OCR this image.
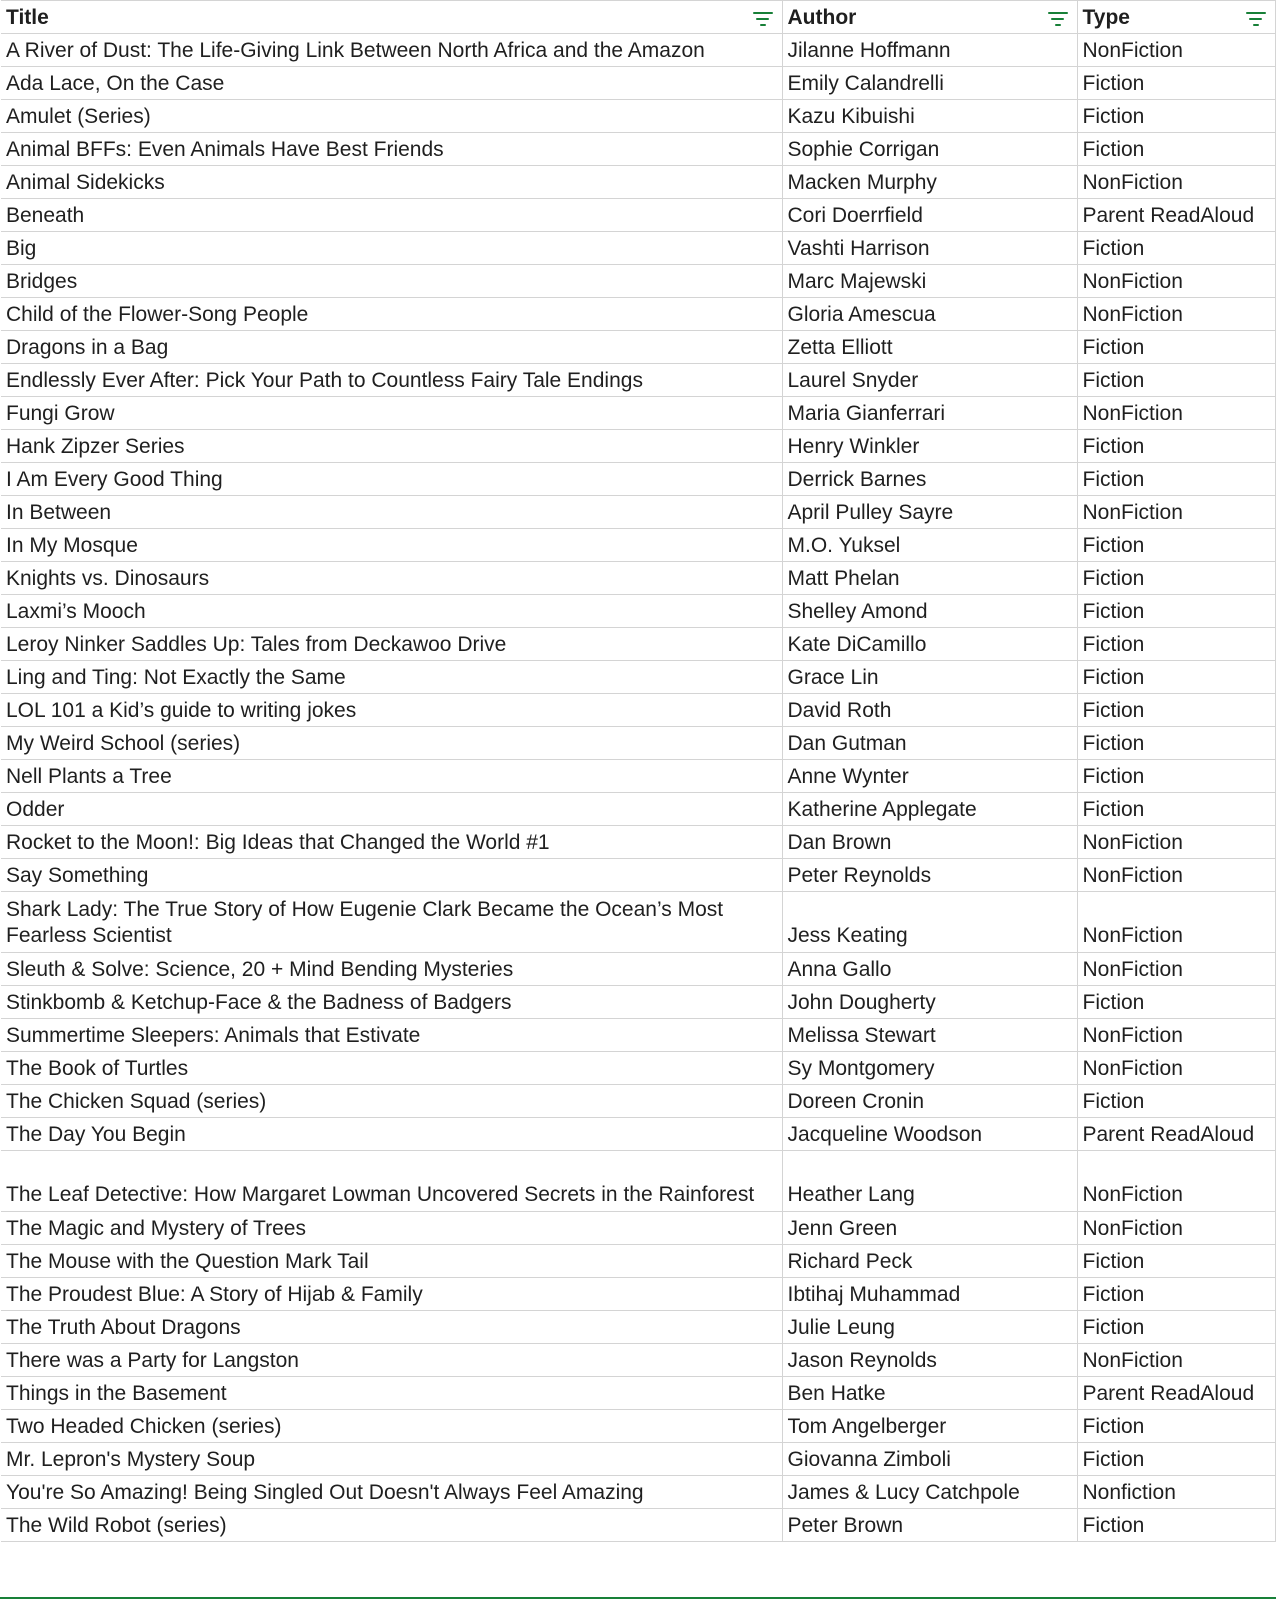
Title	Author	Type

A River of Dust: The Life-Giving Link Between North Africa and the Amazon	Jilanne Hoffmann	NonFiction
Ada Lace, On the Case	Emily Calandrelli	Fiction
Amulet (Series)	Kazu Kibuishi	Fiction
Animal BFFs: Even Animals Have Best Friends	Sophie Corrigan	Fiction
Animal Sidekicks	Macken Murphy	NonFiction
Beneath	Cori Doerrfield	Parent ReadAloud
Big	Vashti Harrison	Fiction
Bridges	Marc Majewski	NonFiction
Child of the Flower-Song People	Gloria Amescua	NonFiction
Dragons in a Bag	Zetta Elliott	Fiction
Endlessly Ever After: Pick Your Path to Countless Fairy Tale Endings	Laurel Snyder	Fiction
Fungi Grow	Maria Gianferrari	NonFiction
Hank Zipzer Series	Henry Winkler	Fiction
I Am Every Good Thing	Derrick Barnes	Fiction
In Between	April Pulley Sayre	NonFiction
In My Mosque	M.O. Yuksel	Fiction
Knights vs. Dinosaurs	Matt Phelan	Fiction
Laxmi’s Mooch	Shelley Amond	Fiction
Leroy Ninker Saddles Up: Tales from Deckawoo Drive	Kate DiCamillo	Fiction
Ling and Ting: Not Exactly the Same	Grace Lin	Fiction
LOL 101 a Kid’s guide to writing jokes	David Roth	Fiction
My Weird School (series)	Dan Gutman	Fiction
Nell Plants a Tree	Anne Wynter	Fiction
Odder	Katherine Applegate	Fiction
Rocket to the Moon!: Big Ideas that Changed the World #1	Dan Brown	NonFiction
Say Something	Peter Reynolds	NonFiction
Shark Lady: The True Story of How Eugenie Clark Became the Ocean’s Most Fearless Scientist	Jess Keating	NonFiction
Sleuth & Solve: Science, 20 + Mind Bending Mysteries	Anna Gallo	NonFiction
Stinkbomb & Ketchup-Face & the Badness of Badgers	John Dougherty	Fiction
Summertime Sleepers: Animals that Estivate	Melissa Stewart	NonFiction
The Book of Turtles	Sy Montgomery	NonFiction
The Chicken Squad (series)	Doreen Cronin	Fiction
The Day You Begin	Jacqueline Woodson	Parent ReadAloud
The Leaf Detective: How Margaret Lowman Uncovered Secrets in the Rainforest	Heather Lang	NonFiction
The Magic and Mystery of Trees	Jenn Green	NonFiction
The Mouse with the Question Mark Tail	Richard Peck	Fiction
The Proudest Blue: A Story of Hijab & Family	Ibtihaj Muhammad	Fiction
The Truth About Dragons	Julie Leung	Fiction
There was a Party for Langston	Jason Reynolds	NonFiction
Things in the Basement	Ben Hatke	Parent ReadAloud
Two Headed Chicken (series)	Tom Angelberger	Fiction
Mr. Lepron's Mystery Soup	Giovanna Zimboli	Fiction
You're So Amazing! Being Singled Out Doesn't Always Feel Amazing	James & Lucy Catchpole	Nonfiction
The Wild Robot (series)	Peter Brown	Fiction
